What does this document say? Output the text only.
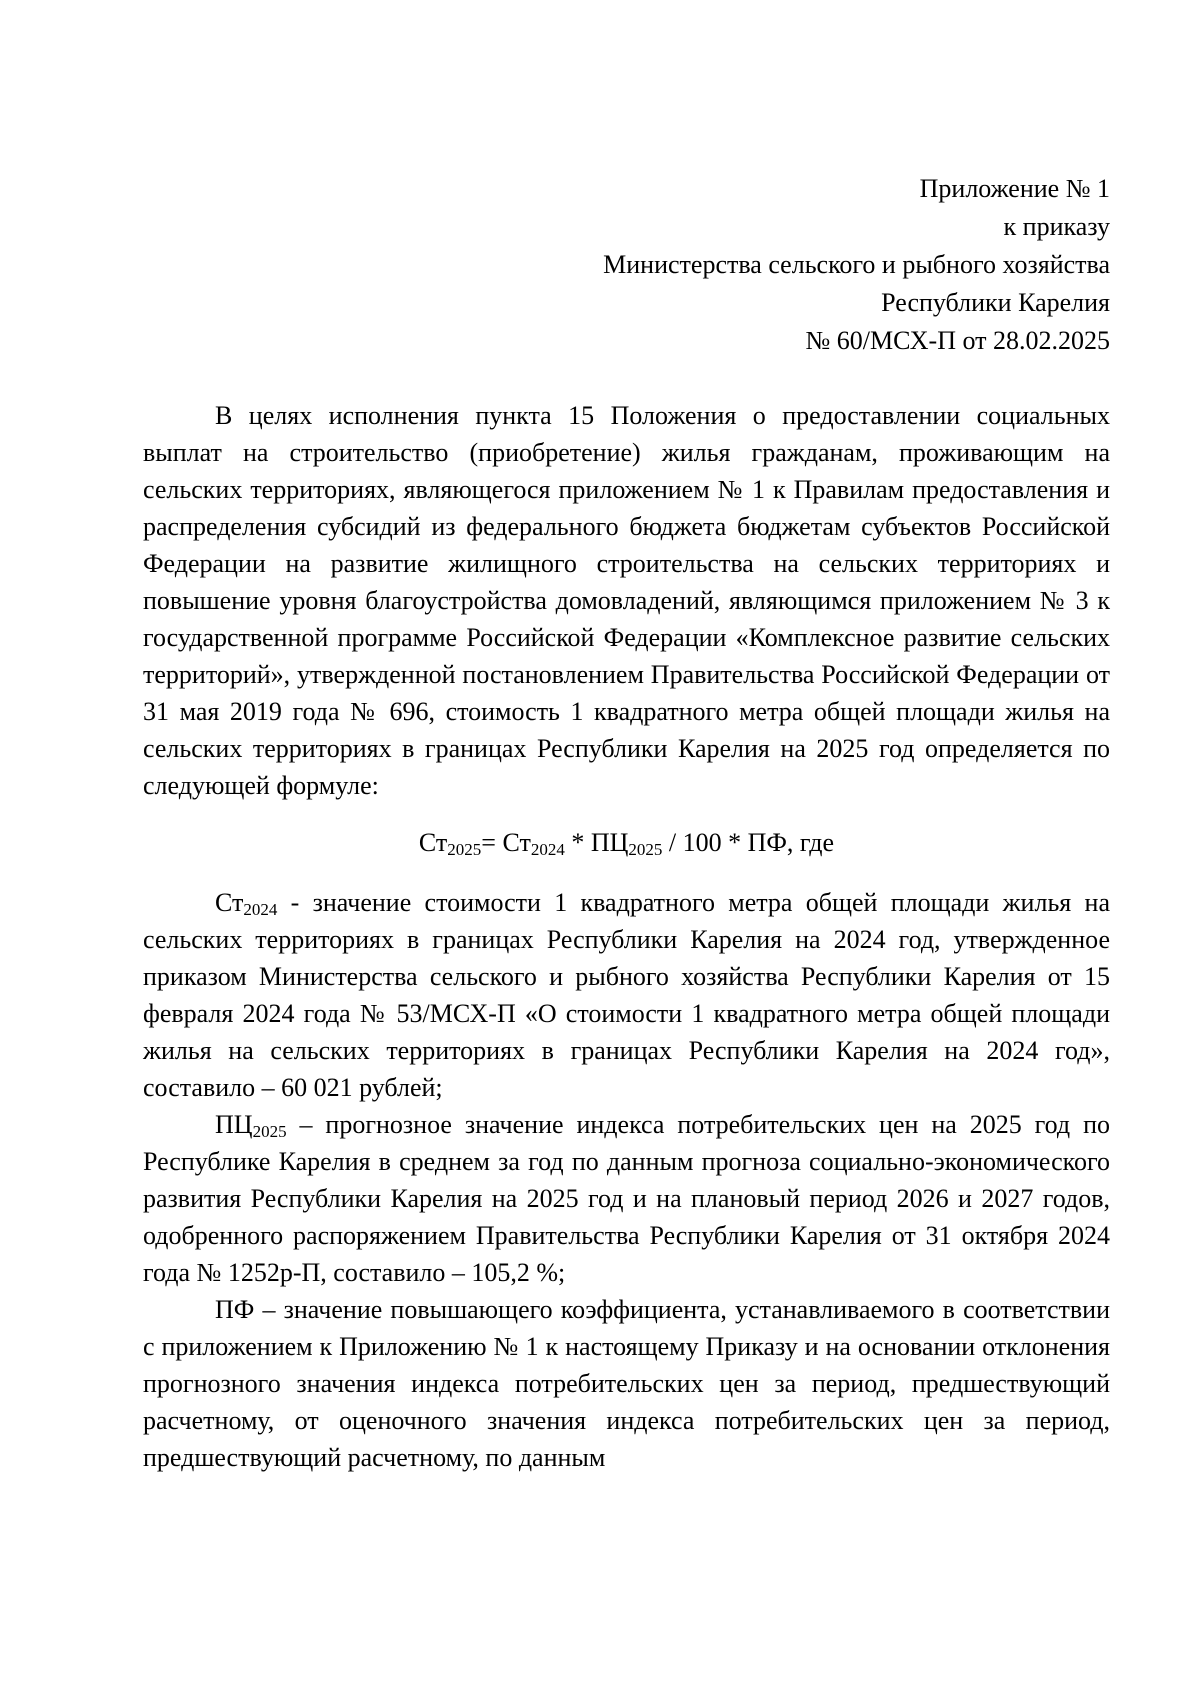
Приложение № 1
к приказу
Министерства сельского и рыбного хозяйства
Республики Карелия
№ 60/МСХ-П от 28.02.2025

В целях исполнения пункта 15 Положения о предоставлении социальных выплат на строительство (приобретение) жилья гражданам, проживающим на сельских территориях, являющегося приложением № 1 к Правилам предоставления и распределения субсидий из федерального бюджета бюджетам субъектов Российской Федерации на развитие жилищного строительства на сельских территориях и повышение уровня благоустройства домовладений, являющимся приложением № 3 к государственной программе Российской Федерации «Комплексное развитие сельских территорий», утвержденной постановлением Правительства Российской Федерации от 31 мая 2019 года № 696, стоимость 1 квадратного метра общей площади жилья на сельских территориях в границах Республики Карелия на 2025 год определяется по следующей формуле:

$Ст_{2025}= Ст_{2024} * ПЦ_{2025} / 100$ * ПФ, где

$Ст_{2024}$ - значение стоимости 1 квадратного метра общей площади жилья на сельских территориях в границах Республики Карелия на 2024 год, утвержденное приказом Министерства сельского и рыбного хозяйства Республики Карелия от 15 февраля 2024 года № 53/МСХ-П «О стоимости 1 квадратного метра общей площади жилья на сельских территориях в границах Республики Карелия на 2024 год», составило – 60 021 рублей;

$ПЦ_{2025}$ – прогнозное значение индекса потребительских цен на 2025 год по Республике Карелия в среднем за год по данным прогноза социально-экономического развития Республики Карелия на 2025 год и на плановый период 2026 и 2027 годов, одобренного распоряжением Правительства Республики Карелия от 31 октября 2024 года № 1252р-П, составило – 105,2 %;

ПФ – значение повышающего коэффициента, устанавливаемого в соответствии с приложением к Приложению № 1 к настоящему Приказу и на основании отклонения прогнозного значения индекса потребительских цен за период, предшествующий расчетному, от оценочного значения индекса потребительских цен за период, предшествующий расчетному, по данным
